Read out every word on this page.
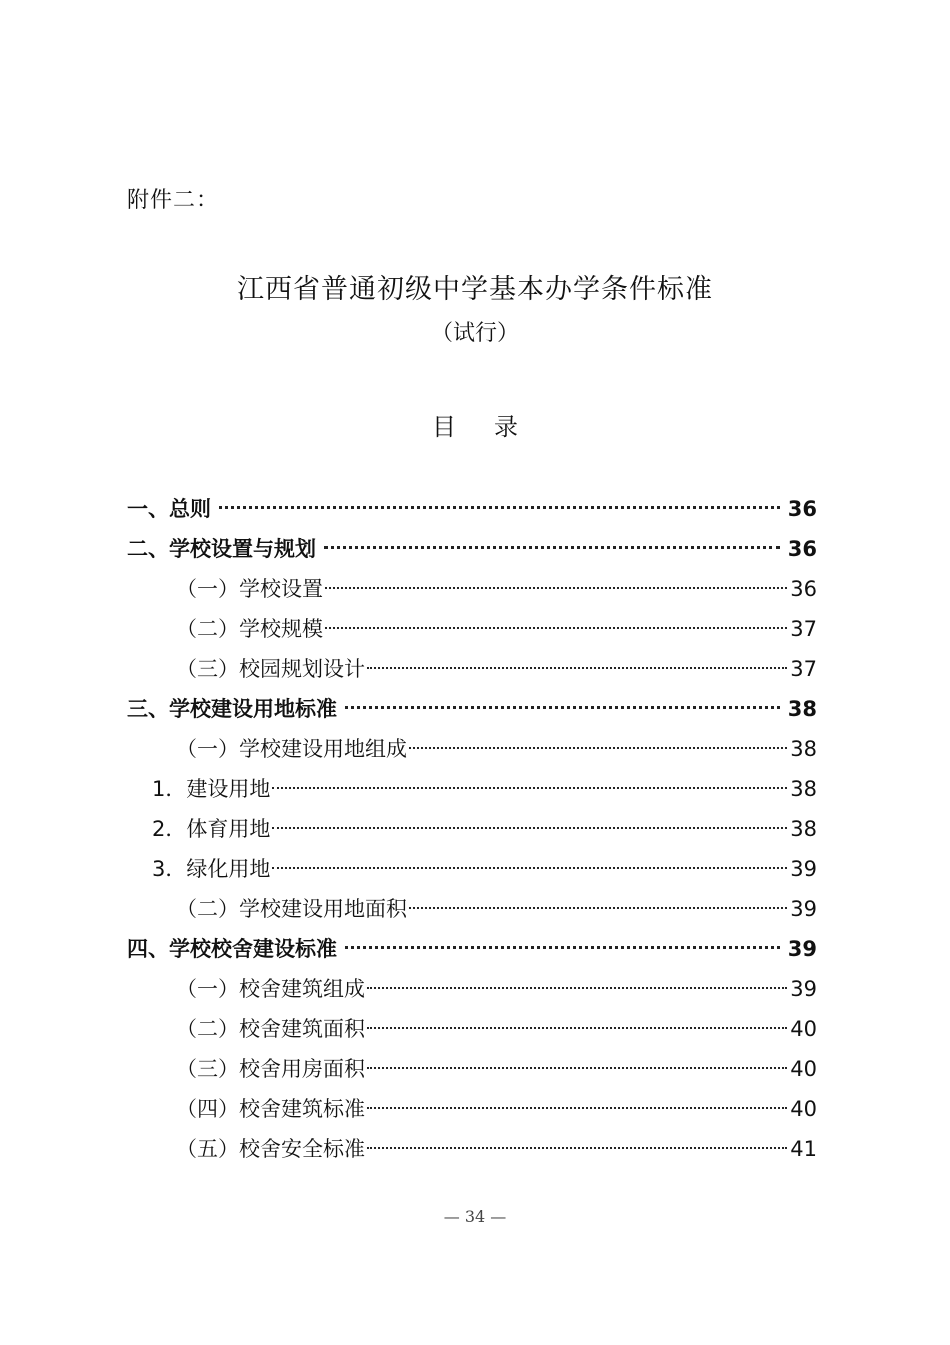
附件二：
江西省普通初级中学基本办学条件标准
（试行）
目录
一、总则	36
二、学校设置与规划	36
（一）学校设置	36
（二）学校规模	37
（三）校园规划设计	37
三、学校建设用地标准	38
（一）学校建设用地组成	38
1．建设用地	38
2．体育用地	38
3．绿化用地	39
（二）学校建设用地面积	39
四、学校校舍建设标准	39
（一）校舍建筑组成	39
（二）校舍建筑面积	40
（三）校舍用房面积	40
（四）校舍建筑标准	40
（五）校舍安全标准	41
— 34 —
